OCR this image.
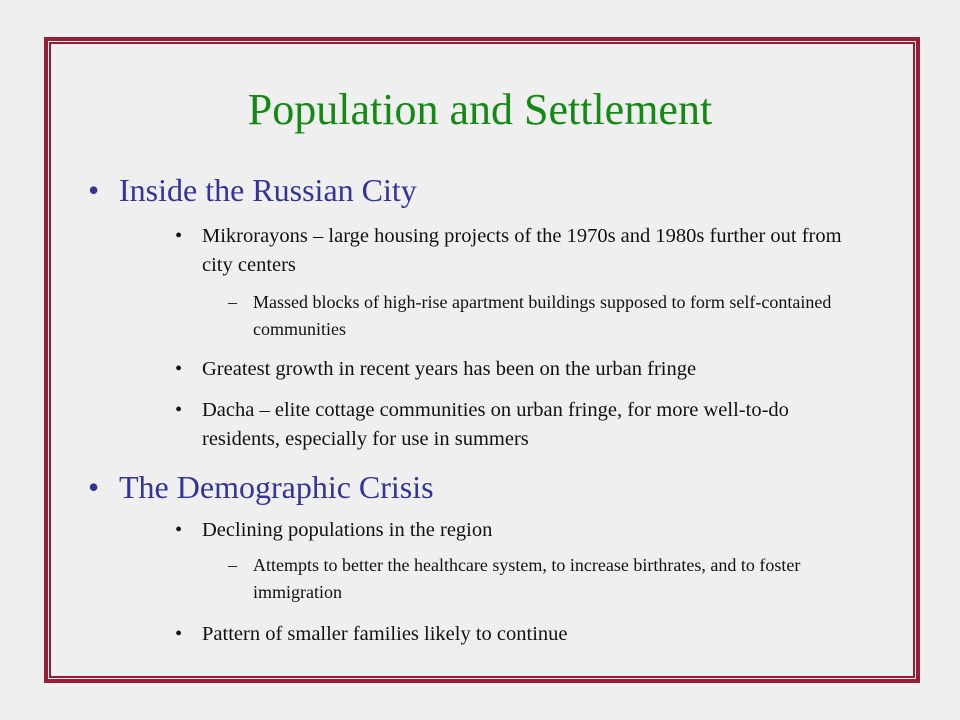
Population and Settlement
• Inside the Russian City
• Mikrorayons – large housing projects of the 1970s and 1980s further out from city centers
– Massed blocks of high-rise apartment buildings supposed to form self-contained communities
• Greatest growth in recent years has been on the urban fringe
• Dacha – elite cottage communities on urban fringe, for more well-to-do residents, especially for use in summers
• The Demographic Crisis
• Declining populations in the region
– Attempts to better the healthcare system, to increase birthrates, and to foster immigration
• Pattern of smaller families likely to continue
